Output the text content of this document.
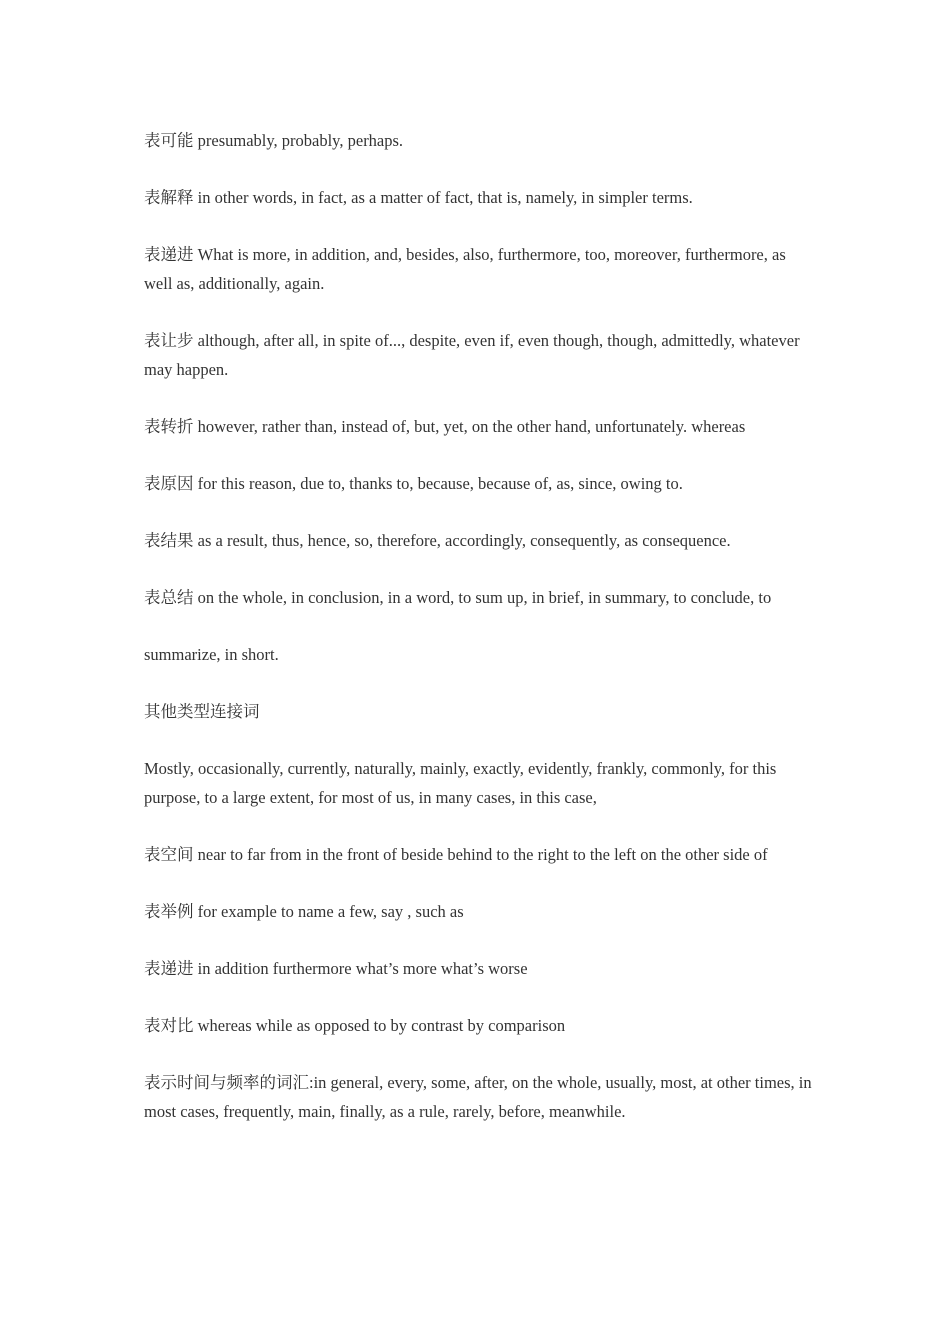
表可能 presumably, probably, perhaps.

表解释 in other words, in fact, as a matter of fact, that is, namely, in simpler terms.

表递进 What is more, in addition, and, besides, also, furthermore, too, moreover, furthermore, as well as, additionally, again.

表让步 although, after all, in spite of..., despite, even if, even though, though, admittedly, whatever may happen.

表转折 however, rather than, instead of, but, yet, on the other hand, unfortunately. whereas

表原因 for this reason, due to, thanks to, because, because of, as, since, owing to.

表结果 as a result, thus, hence, so, therefore, accordingly, consequently, as consequence.

表总结 on the whole, in conclusion, in a word, to sum up, in brief, in summary, to conclude, to

summarize, in short.

其他类型连接词

Mostly, occasionally, currently, naturally, mainly, exactly, evidently, frankly, commonly, for this purpose, to a large extent, for most of us, in many cases, in this case,

表空间 near to far from in the front of beside behind to the right to the left on the other side of

表举例 for example to name a few, say , such as

表递进 in addition furthermore what’s more what’s worse

表对比 whereas while as opposed to by contrast by comparison

表示时间与频率的词汇:in general, every, some, after, on the whole, usually, most, at other times, in most cases, frequently, main, finally, as a rule, rarely, before, meanwhile.
